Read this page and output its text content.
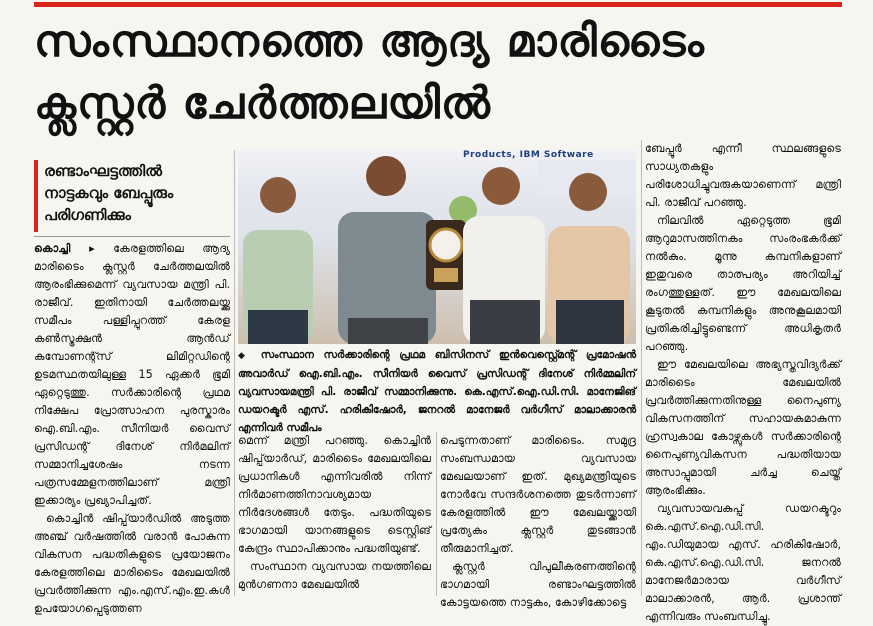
സംസ്ഥാനത്തെ ആദ്യ മാരിടൈം
ക്ലസ്റ്റർ ചേർത്തലയിൽ
രണ്ടാംഘട്ടത്തിൽ
നാട്ടകവും ബേപ്പൂരും
പരിഗണിക്കും

കൊച്ചി ▸ കേരളത്തിലെ ആദ്യ മാരിടൈം ക്ലസ്റ്റർ ചേർത്തലയിൽ ആരംഭിക്കുമെന്ന് വ്യവസായ മന്ത്രി പി. രാജീവ്. ഇതിനായി ചേർത്തലയ്ക്കു സമീപം പള്ളിപ്പുറത്ത് കേരള കൺസ്ട്രക്ഷൻ ആൻഡ് കമ്പോണന്റ്സ് ലിമിറ്റഡിന്റെ ഉടമസ്ഥതയിലുള്ള 15 ഏക്കർ ഭൂമി ഏറ്റെടുത്തു. സർക്കാരിന്റെ പ്രഥമ നിക്ഷേപ പ്രോത്സാഹന പുരസ്കാരം ഐ.ബി.എം. സീനിയർ വൈസ് പ്രസിഡന്റ് ദിനേശ് നിർമലിന് സമ്മാനിച്ചശേഷം നടന്ന പത്രസമ്മേളനത്തിലാണ് മന്ത്രി ഇക്കാര്യം പ്രഖ്യാപിച്ചത്.

കൊച്ചിൻ ഷിപ്പ്‌യാർഡിൽ അടുത്ത അഞ്ച് വർഷത്തിൽ വരാൻ പോകുന്ന വികസന പദ്ധതികളുടെ പ്രയോജനം കേരളത്തിലെ മാരിടൈം മേഖലയിൽ പ്രവർത്തിക്കുന്ന എം.എസ്.എം.ഇ.കൾ ഉപയോഗപ്പെടുത്തണ

Products, IBM Software
◆ സംസ്ഥാന സർക്കാരിന്റെ പ്രഥമ ബിസിനസ് ഇൻവെസ്റ്റ്മെന്റ് പ്രമോഷൻ അവാർഡ് ഐ.ബി.എം. സീനിയർ വൈസ് പ്രസിഡന്റ് ദിനേശ് നിർമ്മലിന് വ്യവസായമന്ത്രി പി. രാജീവ് സമ്മാനിക്കുന്നു. കെ.എസ്.ഐ.ഡി.സി. മാനേജിങ് ഡയറക്ടർ എസ്. ഹരികിഷോർ, ജനറൽ മാനേജർ വർഗീസ് മാലാക്കാരൻ എന്നിവർ സമീപം

മെന്ന് മന്ത്രി പറഞ്ഞു. കൊച്ചിൻ ഷിപ്പ്‌യാർഡ്, മാരിടൈം മേഖലയിലെ പ്രധാനികൾ എന്നിവരിൽ നിന്ന് നിർമാണത്തിനാവശ്യമായ നിർദേശങ്ങൾ തേടും. പദ്ധതിയുടെ ഭാഗമായി യാനങ്ങളുടെ ടെസ്റ്റിങ് കേന്ദ്രം സ്ഥാപിക്കാനും പദ്ധതിയുണ്ട്.

സംസ്ഥാന വ്യവസായ നയത്തിലെ മുൻഗണനാ മേഖലയിൽ

പെടുന്നതാണ് മാരിടൈം. സമുദ്ര സംബന്ധമായ വ്യവസായ മേഖലയാണ് ഇത്. മുഖ്യമന്ത്രിയുടെ നോർവേ സന്ദർശനത്തെ തുടർന്നാണ് കേരളത്തിൽ ഈ മേഖലയ്ക്കായി പ്രത്യേകം ക്ലസ്റ്റർ തുടങ്ങാൻ തീരുമാനിച്ചത്.

ക്ലസ്റ്റർ വിപുലീകരണത്തിന്റെ ഭാഗമായി രണ്ടാംഘട്ടത്തിൽ കോട്ടയത്തെ നാട്ടകം, കോഴിക്കോട്ടെ

ബേപ്പൂർ എന്നീ സ്ഥലങ്ങളുടെ സാധ്യതകളും പരിശോധിച്ചുവരുകയാണെന്ന് മന്ത്രി പി. രാജീവ് പറഞ്ഞു.

നിലവിൽ ഏറ്റെടുത്ത ഭൂമി ആറുമാസത്തിനകം സംരംഭകർക്ക് നൽകും. മൂന്നു കമ്പനികളാണ് ഇതുവരെ താത്പര്യം അറിയിച്ച് രംഗത്തുള്ളത്. ഈ മേഖലയിലെ കൂടുതൽ കമ്പനികളും അനുകൂലമായി പ്രതികരിച്ചിട്ടുണ്ടെന്ന് അധികൃതർ പറഞ്ഞു.

ഈ മേഖലയിലെ അഭ്യസ്തവിദ്യർക്ക് മാരിടൈം മേഖലയിൽ പ്രവർത്തിക്കുന്നതിനുള്ള നൈപുണ്യ വികസനത്തിന് സഹായകമാകുന്ന ഹ്രസ്വകാല കോഴ്സുകൾ സർക്കാരിന്റെ നൈപുണ്യവികസന പദ്ധതിയായ അസാപ്പുമായി ചർച്ച ചെയ്ത് ആരംഭിക്കും.

വ്യവസായവകുപ്പ് ഡയറക്ടറും കെ.എസ്.ഐ.ഡി.സി. എം.ഡിയുമായ എസ്. ഹരികിഷോർ, കെ.എസ്.ഐ.ഡി.സി. ജനറൽ മാനേജർമാരായ വർഗീസ് മാലാക്കാരൻ, ആർ. പ്രശാന്ത് എന്നിവരും സംബന്ധിച്ചു.
